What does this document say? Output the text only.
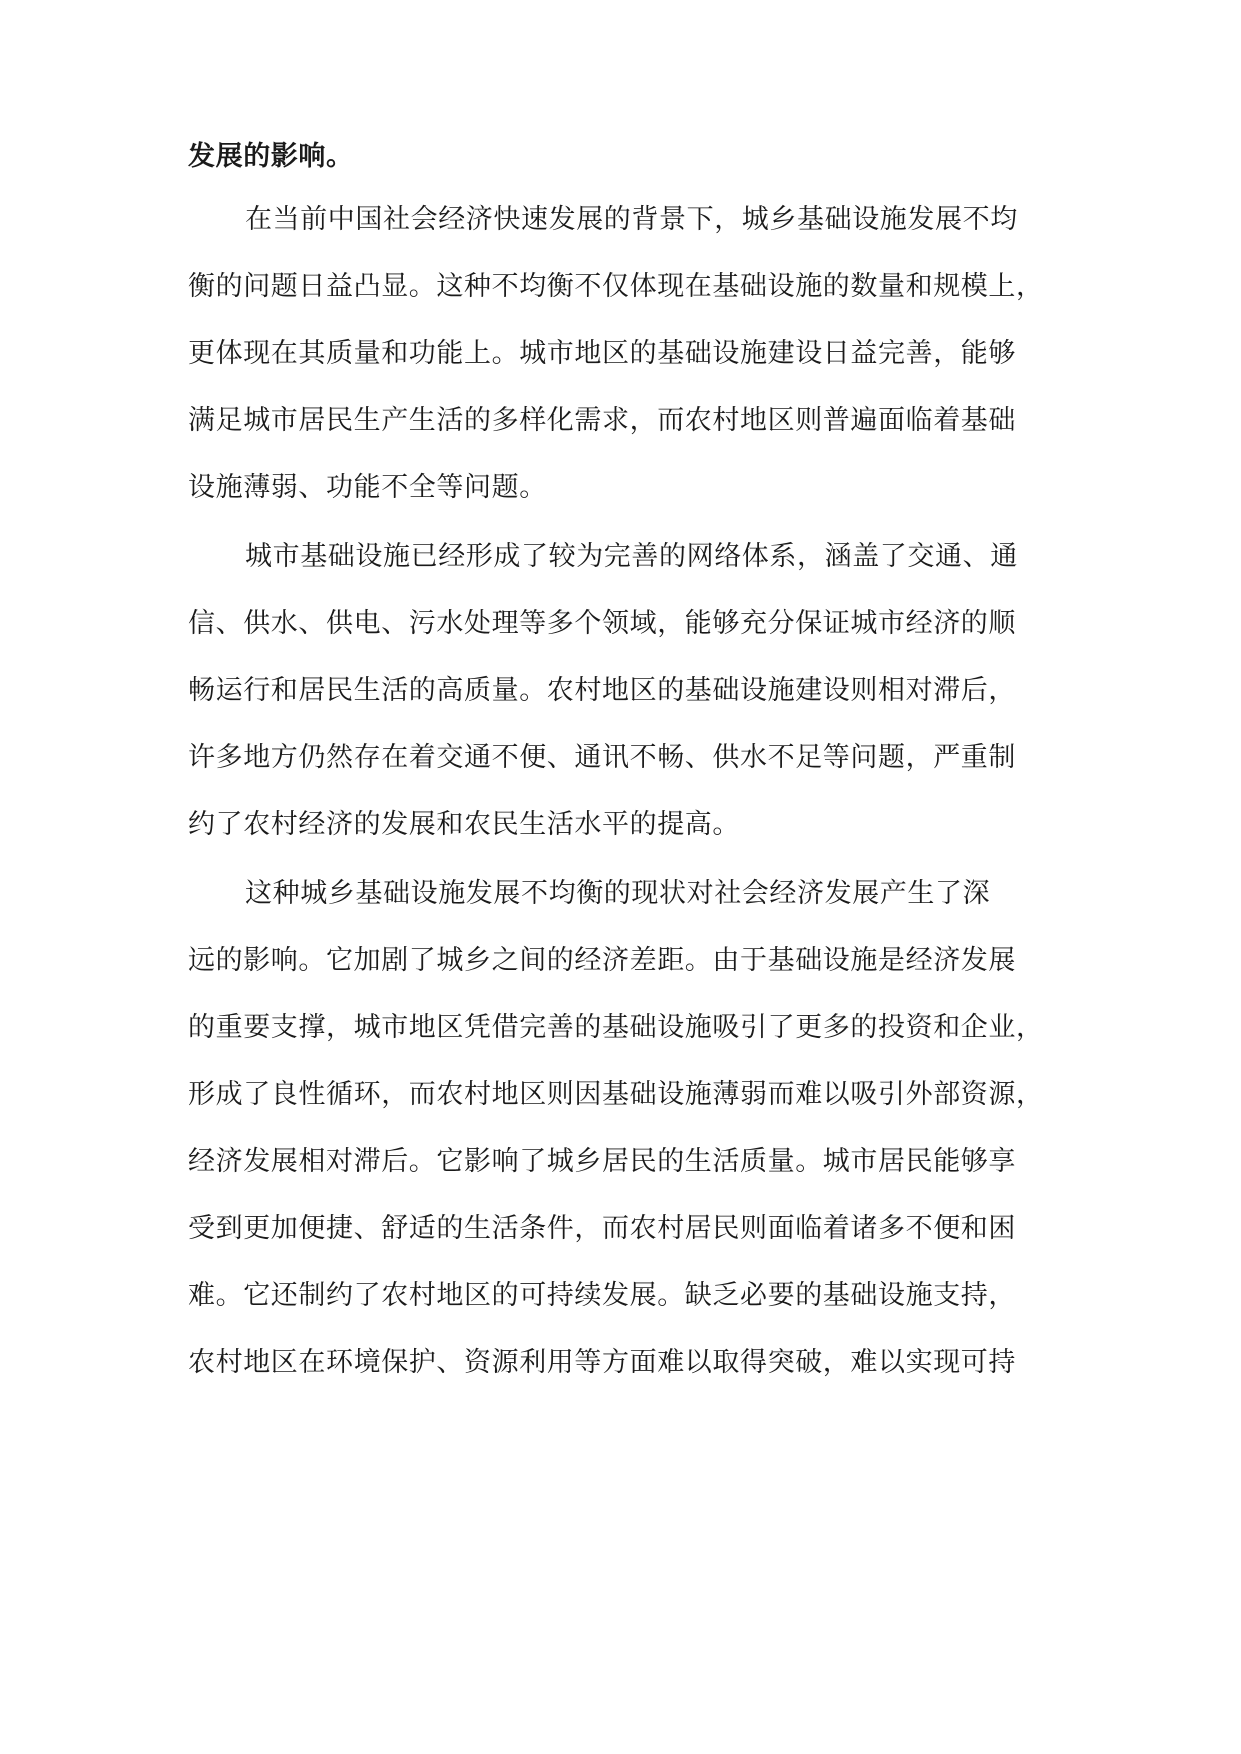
发展的影响。
在当前中国社会经济快速发展的背景下，城乡基础设施发展不均
衡的问题日益凸显。这种不均衡不仅体现在基础设施的数量和规模上，
更体现在其质量和功能上。城市地区的基础设施建设日益完善，能够
满足城市居民生产生活的多样化需求，而农村地区则普遍面临着基础
设施薄弱、功能不全等问题。
城市基础设施已经形成了较为完善的网络体系，涵盖了交通、通
信、供水、供电、污水处理等多个领域，能够充分保证城市经济的顺
畅运行和居民生活的高质量。农村地区的基础设施建设则相对滞后，
许多地方仍然存在着交通不便、通讯不畅、供水不足等问题，严重制
约了农村经济的发展和农民生活水平的提高。
这种城乡基础设施发展不均衡的现状对社会经济发展产生了深
远的影响。它加剧了城乡之间的经济差距。由于基础设施是经济发展
的重要支撑，城市地区凭借完善的基础设施吸引了更多的投资和企业，
形成了良性循环，而农村地区则因基础设施薄弱而难以吸引外部资源，
经济发展相对滞后。它影响了城乡居民的生活质量。城市居民能够享
受到更加便捷、舒适的生活条件，而农村居民则面临着诸多不便和困
难。它还制约了农村地区的可持续发展。缺乏必要的基础设施支持，
农村地区在环境保护、资源利用等方面难以取得突破，难以实现可持
